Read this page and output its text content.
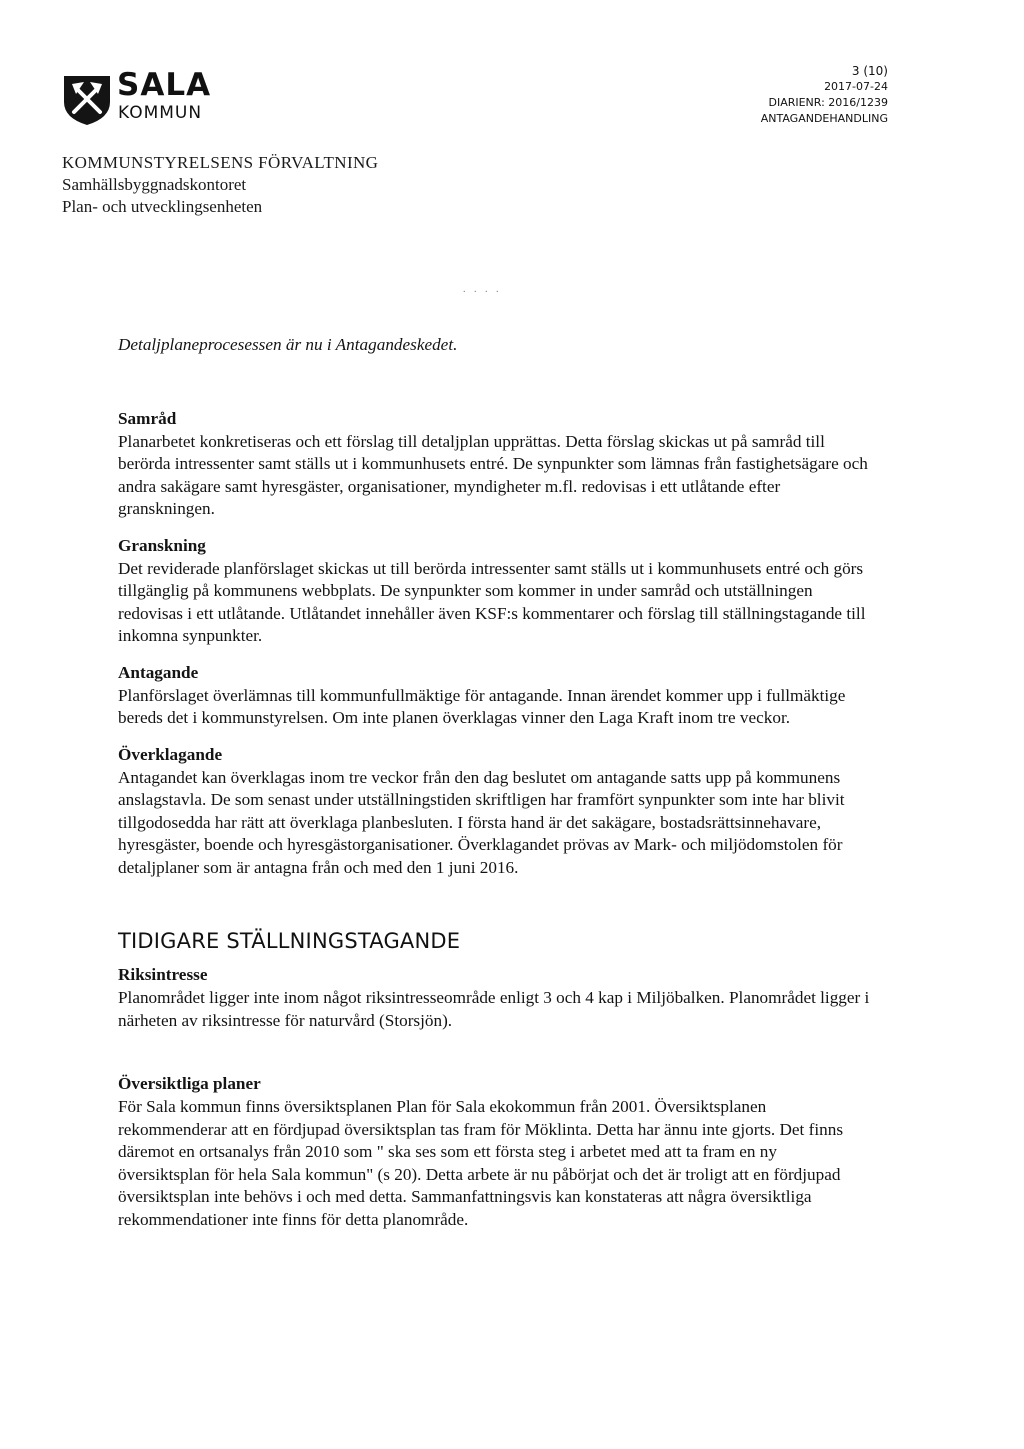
SALA
KOMMUN
3 (10)
2017-07-24
DIARIENR: 2016/1239
ANTAGANDEHANDLING
KOMMUNSTYRELSENS FÖRVALTNING
Samhällsbyggnadskontoret
Plan- och utvecklingsenheten
. . . .

Detaljplaneprocesessen är nu i Antagandeskedet.

Samråd

Planarbetet konkretiseras och ett förslag till detaljplan upprättas. Detta förslag skickas ut på samråd till berörda intressenter samt ställs ut i kommunhusets entré. De synpunkter som lämnas från fastighetsägare och andra sakägare samt hyresgäster, organisationer, myndigheter m.fl. redovisas i ett utlåtande efter granskningen.

Granskning

Det reviderade planförslaget skickas ut till berörda intressenter samt ställs ut i kommunhusets entré och görs tillgänglig på kommunens webbplats. De synpunkter som kommer in under samråd och utställningen redovisas i ett utlåtande. Utlåtandet innehåller även KSF:s kommentarer och förslag till ställningstagande till inkomna synpunkter.

Antagande

Planförslaget överlämnas till kommunfullmäktige för antagande. Innan ärendet kommer upp i fullmäktige bereds det i kommunstyrelsen. Om inte planen överklagas vinner den Laga Kraft inom tre veckor.

Överklagande

Antagandet kan överklagas inom tre veckor från den dag beslutet om antagande satts upp på kommunens anslagstavla. De som senast under utställningstiden skriftligen har framfört synpunkter som inte har blivit tillgodosedda har rätt att överklaga planbesluten. I första hand är det sakägare, bostadsrättsinnehavare, hyresgäster, boende och hyresgästorganisationer. Överklagandet prövas av Mark- och miljödomstolen för detaljplaner som är antagna från och med den 1 juni 2016.

TIDIGARE STÄLLNINGSTAGANDE
Riksintresse

Planområdet ligger inte inom något riksintresseområde enligt 3 och 4 kap i Miljöbalken. Planområdet ligger i närheten av riksintresse för naturvård (Storsjön).

Översiktliga planer

För Sala kommun finns översiktsplanen Plan för Sala ekokommun från 2001. Översiktsplanen rekommenderar att en fördjupad översiktsplan tas fram för Möklinta. Detta har ännu inte gjorts. Det finns däremot en ortsanalys från 2010 som " ska ses som ett första steg i arbetet med att ta fram en ny översiktsplan för hela Sala kommun" (s 20). Detta arbete är nu påbörjat och det är troligt att en fördjupad översiktsplan inte behövs i och med detta. Sammanfattningsvis kan konstateras att några översiktliga rekommendationer inte finns för detta planområde.
